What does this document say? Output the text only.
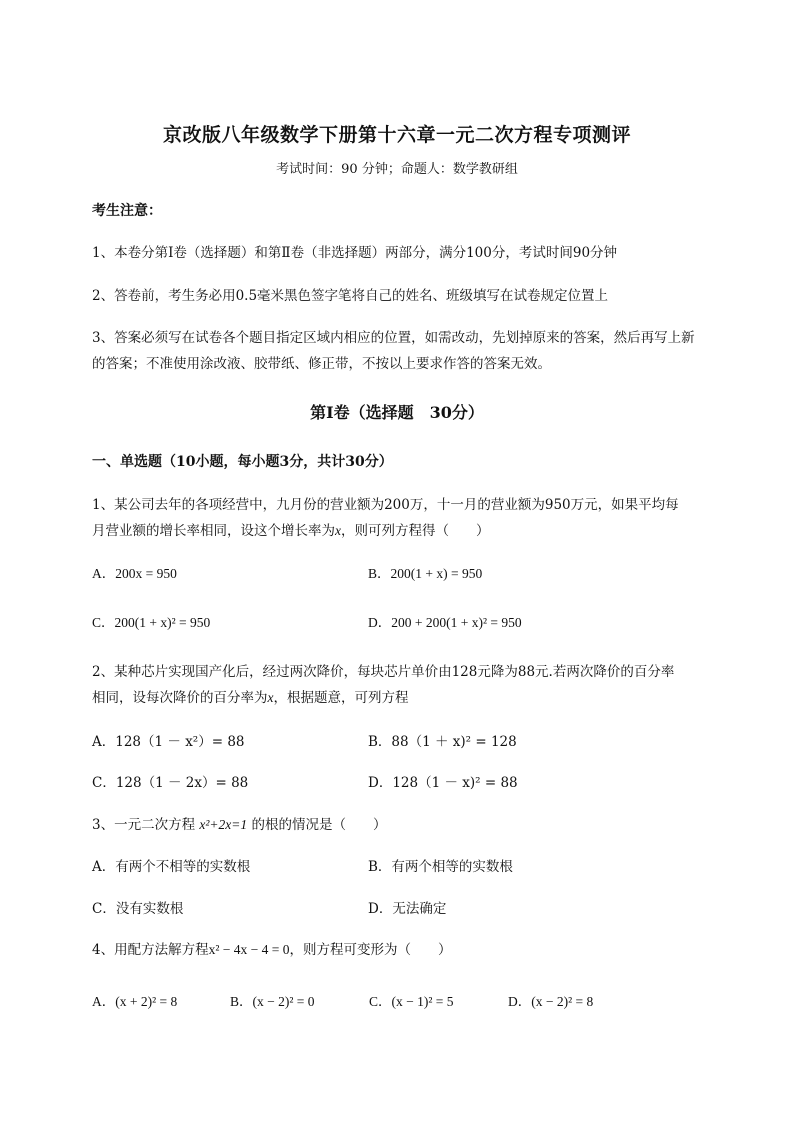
京改版八年级数学下册第十六章一元二次方程专项测评
考试时间：90 分钟；命题人：数学教研组
考生注意：
1、本卷分第Ⅰ卷（选择题）和第Ⅱ卷（非选择题）两部分，满分100分，考试时间90分钟
2、答卷前，考生务必用0.5毫米黑色签字笔将自己的姓名、班级填写在试卷规定位置上
3、答案必须写在试卷各个题目指定区域内相应的位置，如需改动，先划掉原来的答案，然后再写上新
的答案；不准使用涂改液、胶带纸、修正带，不按以上要求作答的答案无效。
第Ⅰ卷（选择题　30分）
一、单选题（10小题，每小题3分，共计30分）
1、某公司去年的各项经营中，九月份的营业额为200万，十一月的营业额为950万元，如果平均每
月营业额的增长率相同，设这个增长率为x，则可列方程得（　　）
A．200x = 950	B．200(1 + x) = 950
C．200(1 + x)² = 950	D．200 + 200(1 + x)² = 950
2、某种芯片实现国产化后，经过两次降价，每块芯片单价由128元降为88元.若两次降价的百分率
相同，设每次降价的百分率为x，根据题意，可列方程
A．128（1 － x²）= 88	B．88（1 ＋ x)² = 128
C．128（1 － 2x）= 88	D．128（1 － x)² = 88
3、一元二次方程 x²+2x=1 的根的情况是（　　）
A．有两个不相等的实数根	B．有两个相等的实数根
C．没有实数根	D．无法确定
4、用配方法解方程x² − 4x − 4 = 0，则方程可变形为（　　）
A．(x + 2)² = 8	B．(x − 2)² = 0	C．(x − 1)² = 5	D．(x − 2)² = 8
